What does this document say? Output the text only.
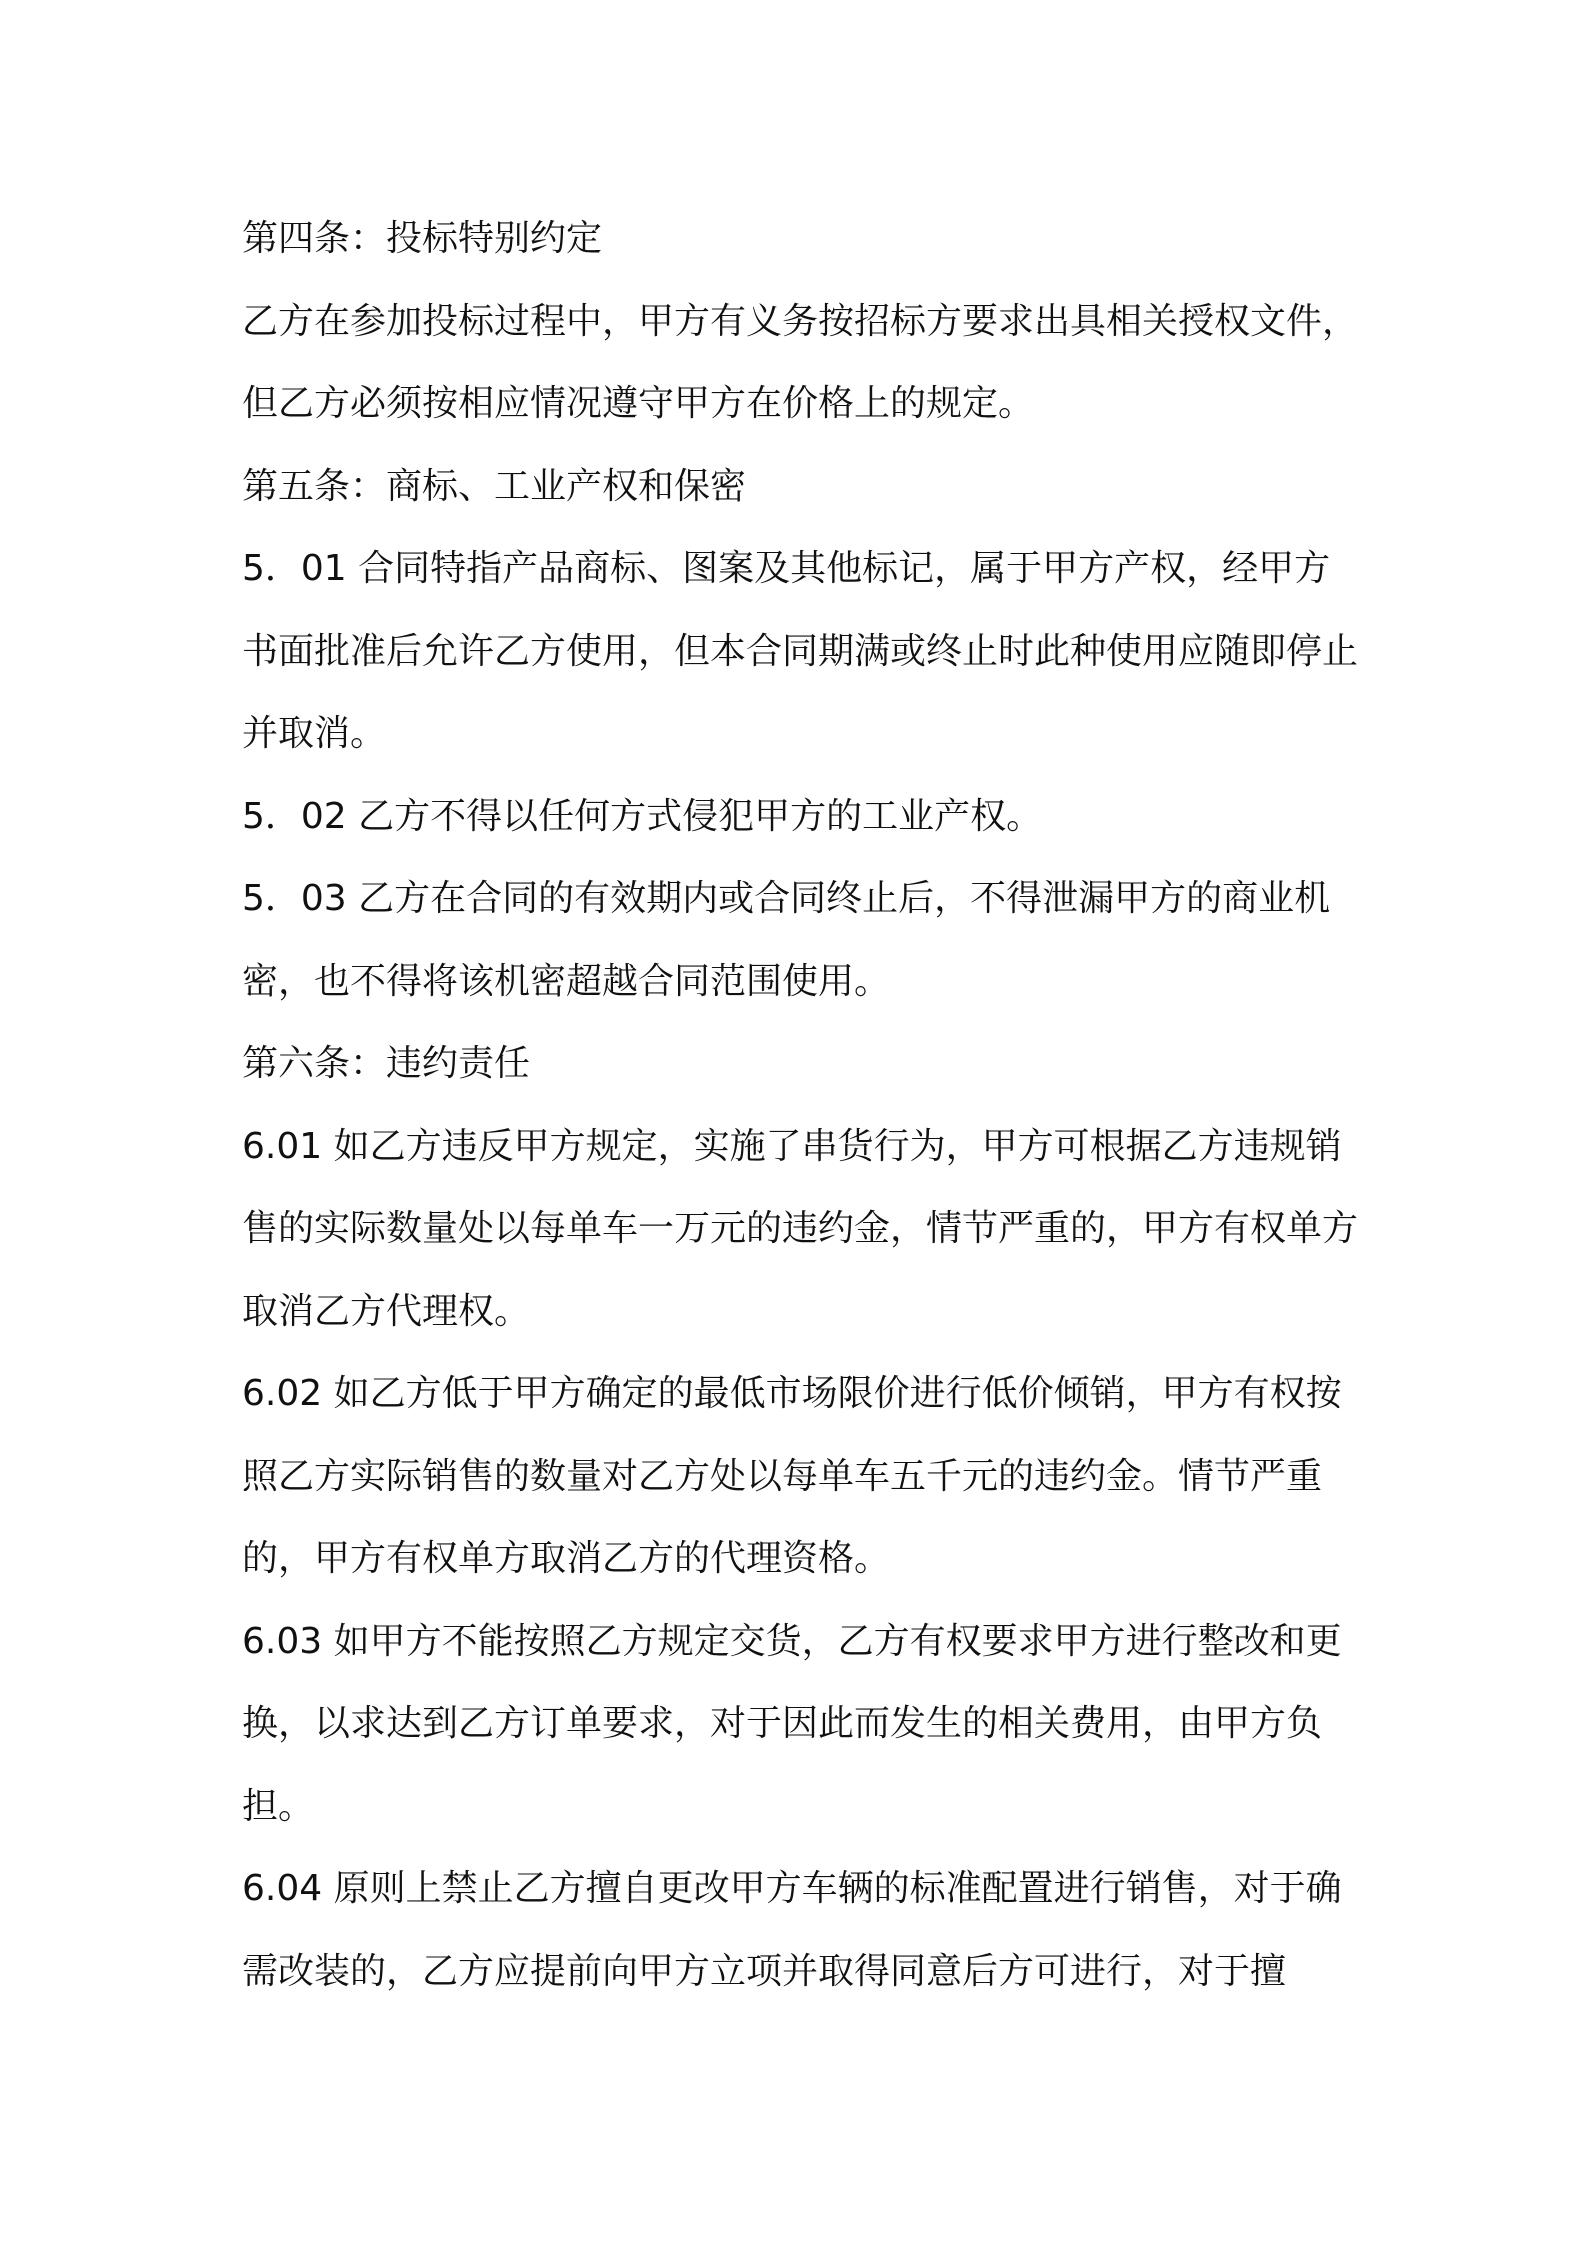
第四条：投标特别约定

乙方在参加投标过程中，甲方有义务按招标方要求出具相关授权文件，但乙方必须按相应情况遵守甲方在价格上的规定。

第五条：商标、工业产权和保密

5．01 合同特指产品商标、图案及其他标记，属于甲方产权，经甲方书面批准后允许乙方使用，但本合同期满或终止时此种使用应随即停止并取消。

5．02 乙方不得以任何方式侵犯甲方的工业产权。

5．03 乙方在合同的有效期内或合同终止后，不得泄漏甲方的商业机密，也不得将该机密超越合同范围使用。

第六条：违约责任

6.01 如乙方违反甲方规定，实施了串货行为，甲方可根据乙方违规销售的实际数量处以每单车一万元的违约金，情节严重的，甲方有权单方取消乙方代理权。

6.02 如乙方低于甲方确定的最低市场限价进行低价倾销，甲方有权按照乙方实际销售的数量对乙方处以每单车五千元的违约金。情节严重的，甲方有权单方取消乙方的代理资格。

6.03 如甲方不能按照乙方规定交货，乙方有权要求甲方进行整改和更换，以求达到乙方订单要求，对于因此而发生的相关费用，由甲方负担。

6.04 原则上禁止乙方擅自更改甲方车辆的标准配置进行销售，对于确需改装的，乙方应提前向甲方立项并取得同意后方可进行，对于擅
